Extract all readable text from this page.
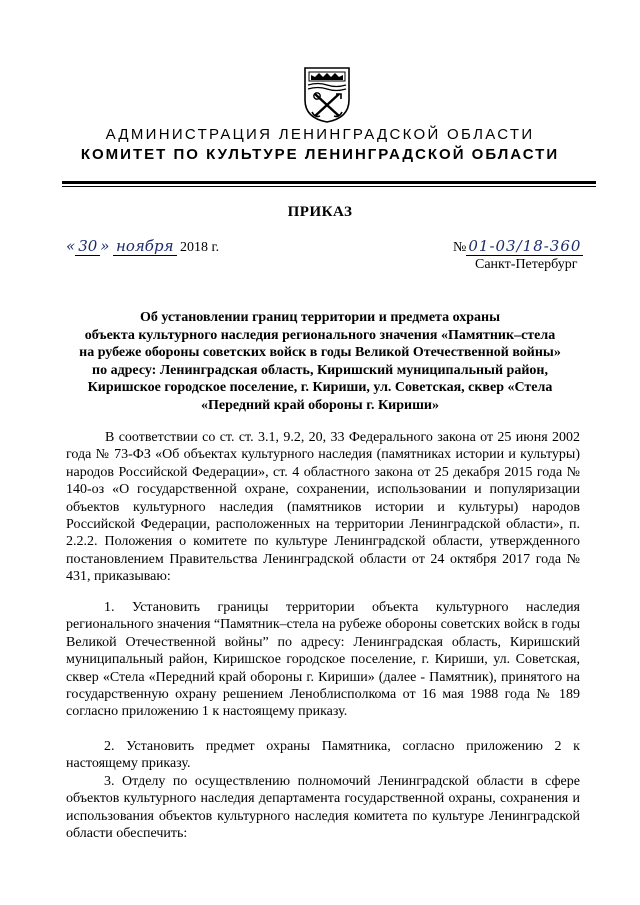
АДМИНИСТРАЦИЯ ЛЕНИНГРАДСКОЙ ОБЛАСТИ
КОМИТЕТ ПО КУЛЬТУРЕ ЛЕНИНГРАДСКОЙ ОБЛАСТИ
ПРИКАЗ
« 30 » ноября 2018 г.	№ 01-03/18-360
Санкт-Петербург
Об установлении границ территории и предмета охраны
объекта культурного наследия регионального значения «Памятник–стела
на рубеже обороны советских войск в годы Великой Отечественной войны»
по адресу: Ленинградская область, Киришский муниципальный район,
Киришское городское поселение, г. Кириши, ул. Советская, сквер «Стела
«Передний край обороны г. Кириши»
В соответствии со ст. ст. 3.1, 9.2, 20, 33 Федерального закона от 25 июня 2002 года № 73-ФЗ «Об объектах культурного наследия (памятниках истории и культуры) народов Российской Федерации», ст. 4 областного закона от 25 декабря 2015 года № 140-оз «О государственной охране, сохранении, использовании и популяризации объектов культурного наследия (памятников истории и культуры) народов Российской Федерации, расположенных на территории Ленинградской области», п. 2.2.2. Положения о комитете по культуре Ленинградской области, утвержденного постановлением Правительства Ленинградской области от 24 октября 2017 года № 431, приказываю:
1. Установить границы территории объекта культурного наследия регионального значения “Памятник–стела на рубеже обороны советских войск в годы Великой Отечественной войны” по адресу: Ленинградская область, Киришский муниципальный район, Киришское городское поселение, г. Кириши, ул. Советская, сквер «Стела «Передний край обороны г. Кириши» (далее - Памятник), принятого на государственную охрану решением Леноблисполкома от 16 мая 1988 года № 189 согласно приложению 1 к настоящему приказу.
2. Установить предмет охраны Памятника, согласно приложению 2 к настоящему приказу.
3. Отделу по осуществлению полномочий Ленинградской области в сфере объектов культурного наследия департамента государственной охраны, сохранения и использования объектов культурного наследия комитета по культуре Ленинградской области обеспечить:
